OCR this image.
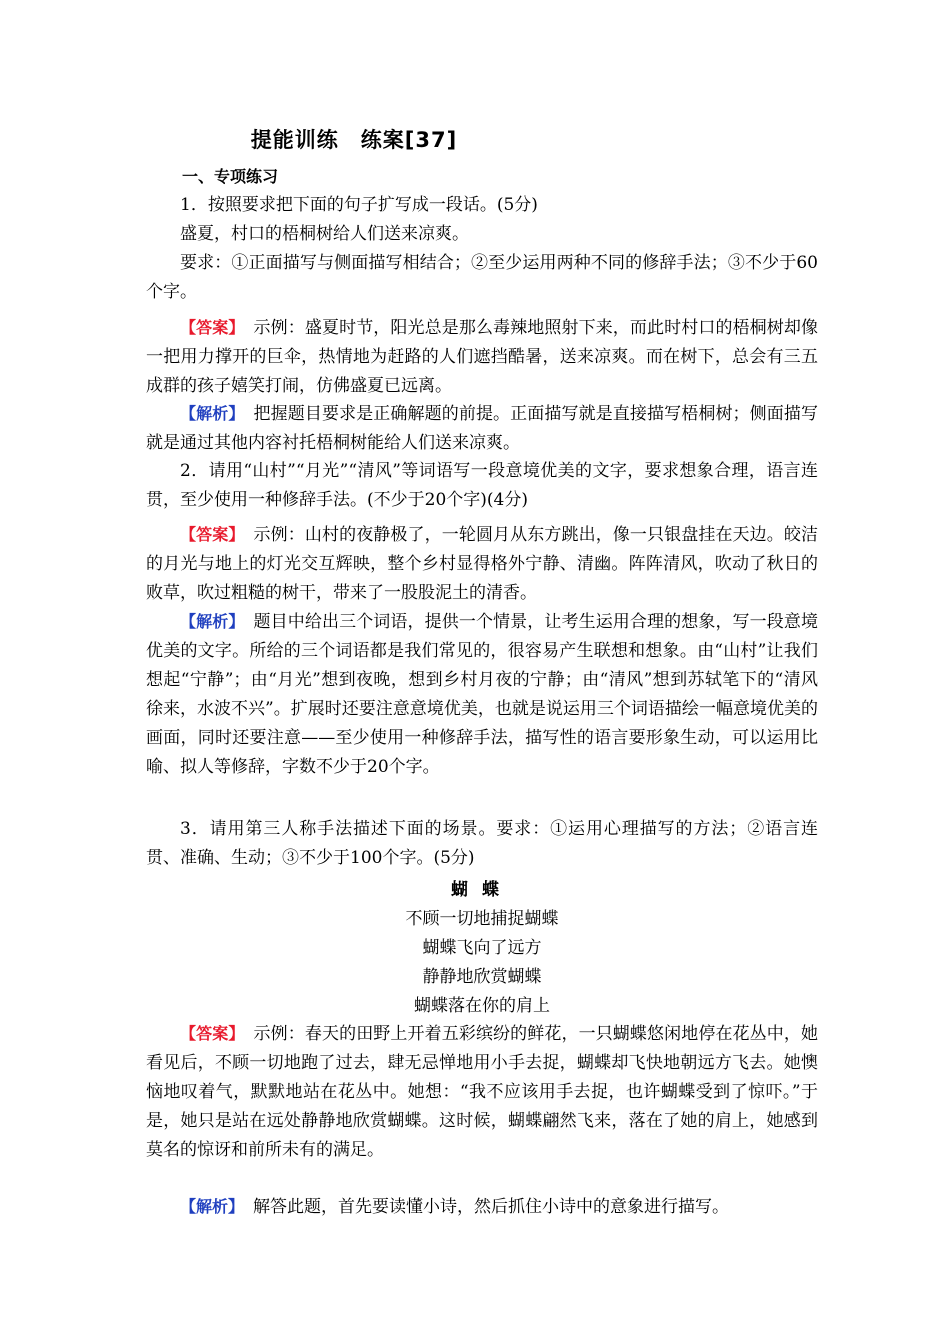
提能训练　练案[37]
一、专项练习

1．按照要求把下面的句子扩写成一段话。(5分)

盛夏，村口的梧桐树给人们送来凉爽。

要求：①正面描写与侧面描写相结合；②至少运用两种不同的修辞手法；③不少于60个字。

【答案】　 示例：盛夏时节，阳光总是那么毒辣地照射下来，而此时村口的梧桐树却像一把用力撑开的巨伞，热情地为赶路的人们遮挡酷暑，送来凉爽。而在树下，总会有三五成群的孩子嬉笑打闹，仿佛盛夏已远离。

【解析】　 把握题目要求是正确解题的前提。正面描写就是直接描写梧桐树；侧面描写就是通过其他内容衬托梧桐树能给人们送来凉爽。

2．请用“山村”“月光”“清风”等词语写一段意境优美的文字，要求想象合理，语言连贯，至少使用一种修辞手法。(不少于20个字)(4分)

【答案】　 示例：山村的夜静极了，一轮圆月从东方跳出，像一只银盘挂在天边。皎洁的月光与地上的灯光交互辉映，整个乡村显得格外宁静、清幽。阵阵清风，吹动了秋日的败草，吹过粗糙的树干，带来了一股股泥土的清香。

【解析】　 题目中给出三个词语，提供一个情景，让考生运用合理的想象，写一段意境优美的文字。所给的三个词语都是我们常见的，很容易产生联想和想象。由“山村”让我们想起“宁静”；由“月光”想到夜晚，想到乡村月夜的宁静；由“清风”想到苏轼笔下的“清风徐来，水波不兴”。扩展时还要注意意境优美，也就是说运用三个词语描绘一幅意境优美的画面，同时还要注意——至少使用一种修辞手法，描写性的语言要形象生动，可以运用比喻、拟人等修辞，字数不少于20个字。

3．请用第三人称手法描述下面的场景。要求：①运用心理描写的方法；②语言连贯、准确、生动；③不少于100个字。(5分)

蝴蝶

不顾一切地捕捉蝴蝶

蝴蝶飞向了远方

静静地欣赏蝴蝶

蝴蝶落在你的肩上

【答案】　 示例：春天的田野上开着五彩缤纷的鲜花，一只蝴蝶悠闲地停在花丛中，她看见后，不顾一切地跑了过去，肆无忌惮地用小手去捉，蝴蝶却飞快地朝远方飞去。她懊恼地叹着气，默默地站在花丛中。她想：“我不应该用手去捉，也许蝴蝶受到了惊吓。”于是，她只是站在远处静静地欣赏蝴蝶。这时候，蝴蝶翩然飞来，落在了她的肩上，她感到莫名的惊讶和前所未有的满足。

【解析】　 解答此题，首先要读懂小诗，然后抓住小诗中的意象进行描写。
